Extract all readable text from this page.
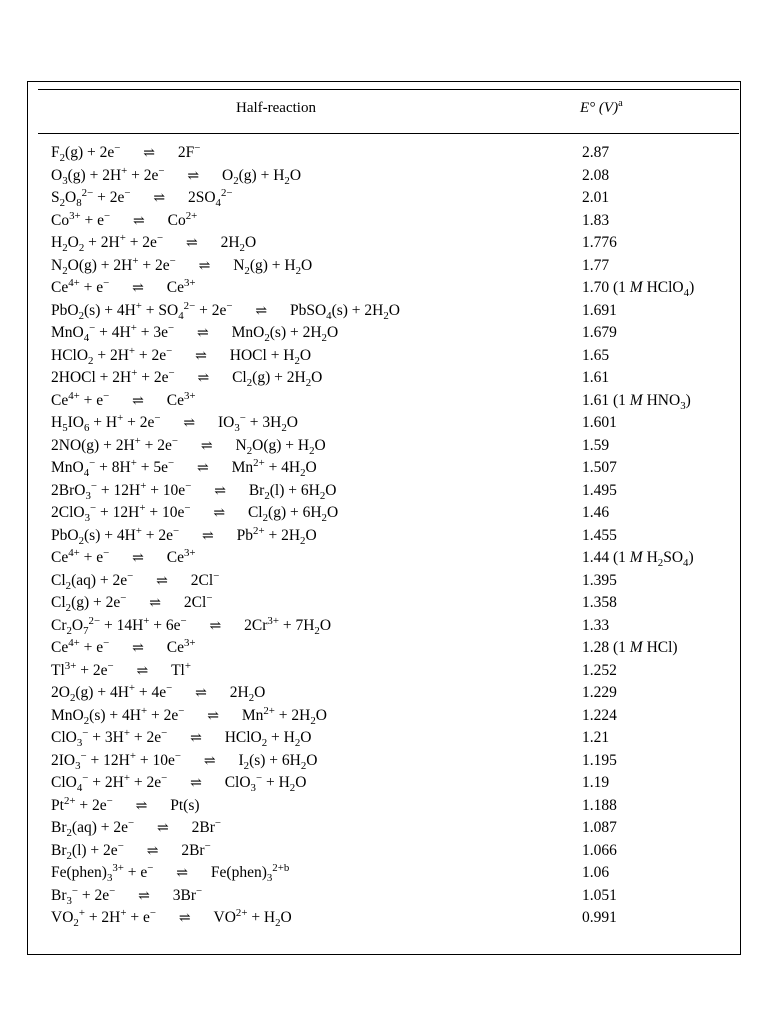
Half-reaction	E° $(V)^a$
$F_2(g) + 2e^-$ ⇌ 2F−	2.87
$O_3(g) + 2H^+ + 2e^-$ ⇌ $O_2(g) + H_2O$	2.08
$S_2O_8^{2-} + 2e^-$ ⇌ $2SO_4^{2-}$	2.01
$Co^{3+} + e^-$ ⇌ $Co^{2+}$	1.83
$H_2O_2 + 2H^+ + 2e^-$ ⇌ $2H_2O$	1.776
$N_2O(g) + 2H^+ + 2e^-$ ⇌ $N_2(g) + H_2O$	1.77
$Ce^{4+} + e^-$ ⇌ $Ce^{3+}$	1.70 (1 M HClO$_4$)
$PbO_2(s) + 4H^+ + SO_4^{2-} + 2e^-$ ⇌ PbSO$_4$(s) + $2H_2O$	1.691
MnO$_4$− + 4H+ + 3e− ⇌ $MnO_2(s) + 2H_2O$	1.679
HClO$_2$ + 2H+ + 2e− ⇌ HOCl + $H_2O$	1.65
2HOCl + 2H+ + 2e− ⇌ $Cl_2(g) + 2H_2O$	1.61
$Ce^{4+} + e^-$ ⇌ $Ce^{3+}$	1.61 (1 M $HNO_3$)
$H_5IO_6 + H^+ + 2e^-$ ⇌ $IO_3^- + 3H_2O$	1.601
2NO(g) + 2H+ + 2e− ⇌ $N_2O(g) + H_2O$	1.59
MnO$_4$− + 8H+ + 5e− ⇌ $Mn^{2+} + 4H_2O$	1.507
2BrO$_3$− + 12H+ + 10e− ⇌ $Br_2(l) + 6H_2O$	1.495
2ClO$_3$− + 12H+ + 10e− ⇌ $Cl_2(g) + 6H_2O$	1.46
PbO$_2$(s) + 4H+ + 2e− ⇌ $Pb^{2+} + 2H_2O$	1.455
$Ce^{4+} + e^-$ ⇌ $Ce^{3+}$	1.44 (1 M $H_2SO_4$)
$Cl_2(aq) + 2e^-$ ⇌ 2Cl−	1.395
$Cl_2(g) + 2e^-$ ⇌ 2Cl−	1.358
$Cr_2O_7^{2-} + 14H^+ + 6e^-$ ⇌ $2Cr^{3+} + 7H_2O$	1.33
$Ce^{4+} + e^-$ ⇌ $Ce^{3+}$	1.28 (1 M HCl)
$Tl^{3+} + 2e^-$ ⇌ Tl+	1.252
$2O_2(g) + 4H^+ + 4e^-$ ⇌ $2H_2O$	1.229
MnO$_2$(s) + 4H+ + 2e− ⇌ $Mn^{2+} + 2H_2O$	1.224
ClO$_3$− + 3H+ + 2e− ⇌ HClO$_2$ + $H_2O$	1.21
$2IO_3^- + 12H^+ + 10e^-$ ⇌ $I_2(s) + 6H_2O$	1.195
ClO$_4$− + 2H+ + 2e− ⇌ $ClO_3^- + H_2O$	1.19
$Pt^{2+} + 2e^-$ ⇌ Pt(s)	1.188
$Br_2(aq) + 2e^-$ ⇌ 2Br−	1.087
$Br_2(l) + 2e^-$ ⇌ 2Br−	1.066
$Fe(phen)_3^{3+} + e^-$ ⇌ $Fe(phen)_3^{2+b}$	1.06
$Br_3^- + 2e^-$ ⇌ 3Br−	1.051
$VO_2^+ + 2H^+ + e^-$ ⇌ $VO^{2+} + H_2O$	0.991
